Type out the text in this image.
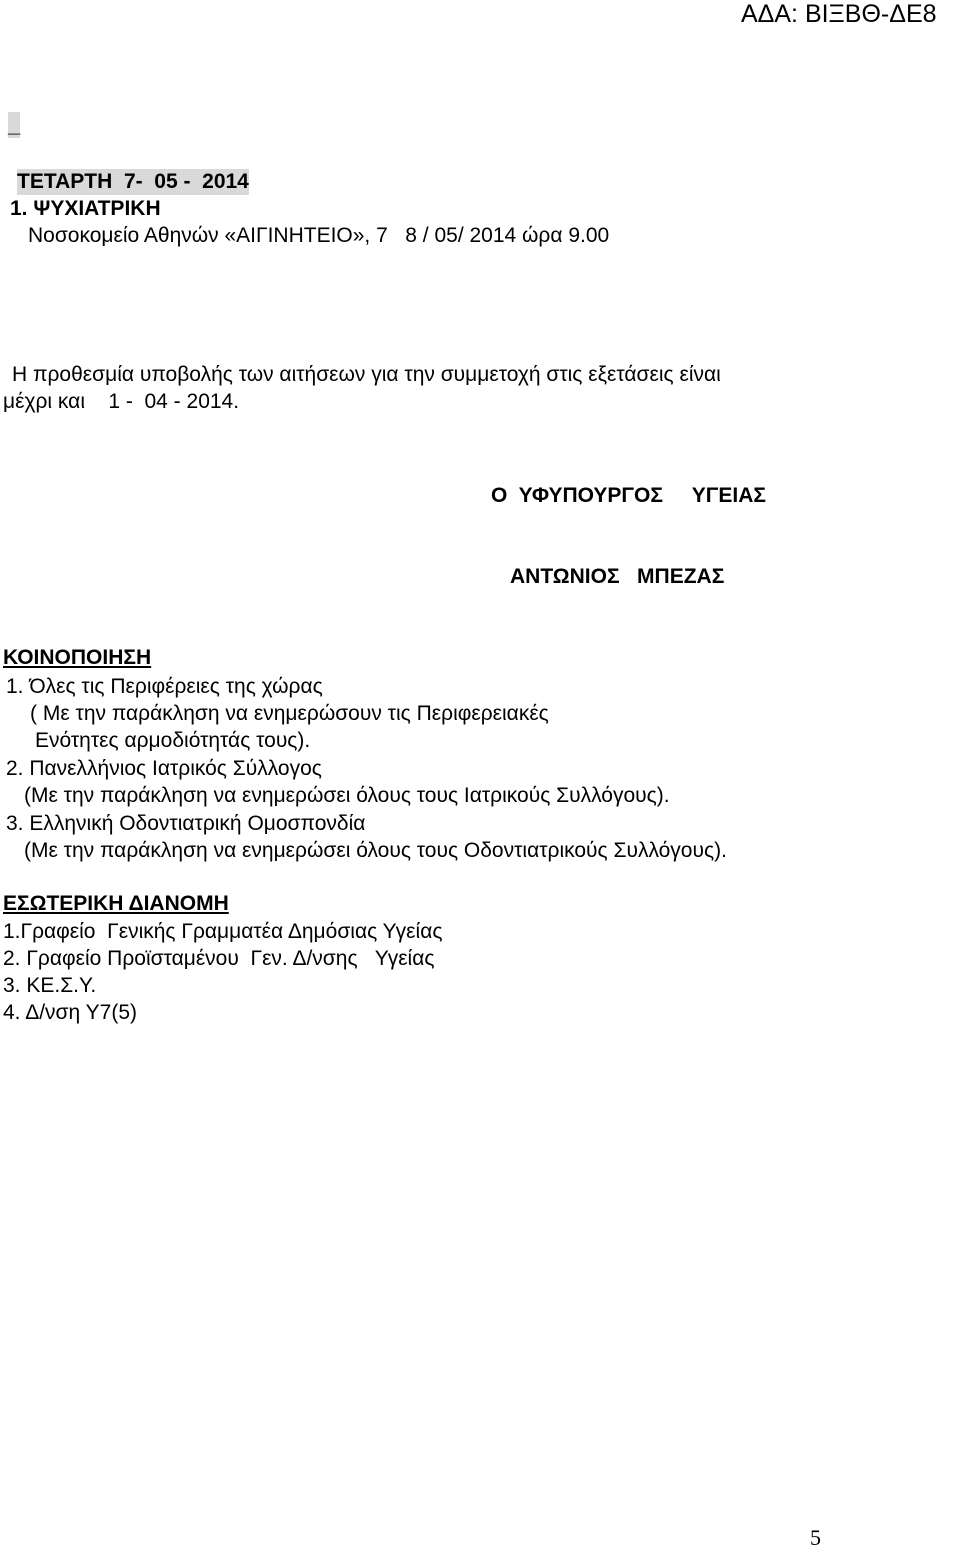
ΑΔΑ: ΒΙΞΒΘ-ΔΕ8
_
ΤΕΤΑΡΤΗ  7-  05 -  2014
1. ΨΥΧΙΑΤΡΙΚΗ
Νοσοκομείο Αθηνών «ΑΙΓΙΝΗΤΕΙΟ», 7   8 / 05/ 2014 ώρα 9.00
Η προθεσμία υποβολής των αιτήσεων για την συμμετοχή στις εξετάσεις είναι
μέχρι και    1 -  04 - 2014.
Ο  ΥΦΥΠΟΥΡΓΟΣ     ΥΓΕΙΑΣ
ΑΝΤΩΝΙΟΣ   ΜΠΕΖΑΣ
ΚΟΙΝΟΠΟΙΗΣΗ
1. Όλες τις Περιφέρειες της χώρας
( Με την παράκληση να ενημερώσουν τις Περιφερειακές
Ενότητες αρμοδιότητάς τους).
2. Πανελλήνιος Ιατρικός Σύλλογος
(Με την παράκληση να ενημερώσει όλους τους Ιατρικούς Συλλόγους).
3. Ελληνική Οδοντιατρική Ομοσπονδία
(Με την παράκληση να ενημερώσει όλους τους Οδοντιατρικούς Συλλόγους).
ΕΣΩΤΕΡΙΚΗ ΔΙΑΝΟΜΗ
1.Γραφείο  Γενικής Γραμματέα Δημόσιας Υγείας
2. Γραφείο Προϊσταμένου  Γεν. Δ/νσης   Υγείας
3. ΚΕ.Σ.Υ.
4. Δ/νση Υ7(5)
5
